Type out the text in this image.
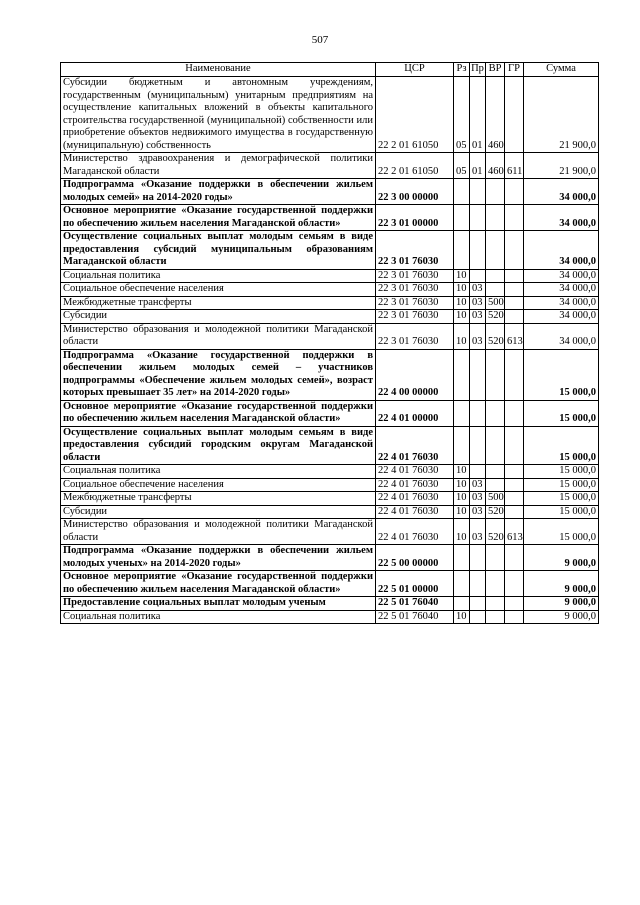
507
Наименование	ЦСР	Рз	Пр	ВР	ГР	Сумма
Субсидии бюджетным и автономным учреждениям, государственным (муниципальным) унитарным предприятиям на осуществление капитальных вложений в объекты капитального строительства государственной (муниципальной) собственности или приобретение объектов недвижимого имущества в государственную (муниципальную) собственность	22 2 01 61050	05	01	460		21 900,0
Министерство здравоохранения и демографической политики Магаданской области	22 2 01 61050	05	01	460	611	21 900,0
Подпрограмма «Оказание поддержки в обеспечении жильем молодых семей» на 2014-2020 годы»	22 3 00 00000					34 000,0
Основное мероприятие «Оказание государственной поддержки по обеспечению жильем населения Магаданской области»	22 3 01 00000					34 000,0
Осуществление социальных выплат молодым семьям в виде предоставления субсидий муниципальным образованиям Магаданской области	22 3 01 76030					34 000,0
Социальная политика	22 3 01 76030	10				34 000,0
Социальное обеспечение населения	22 3 01 76030	10	03			34 000,0
Межбюджетные трансферты	22 3 01 76030	10	03	500		34 000,0
Субсидии	22 3 01 76030	10	03	520		34 000,0
Министерство образования и молодежной политики Магаданской области	22 3 01 76030	10	03	520	613	34 000,0
Подпрограмма «Оказание государственной поддержки в обеспечении жильем молодых семей – участников подпрограммы «Обеспечение жильем молодых семей», возраст которых превышает 35 лет» на 2014-2020 годы»	22 4 00 00000					15 000,0
Основное мероприятие «Оказание государственной поддержки по обеспечению жильем населения Магаданской области»	22 4 01 00000					15 000,0
Осуществление социальных выплат молодым семьям в виде предоставления субсидий городским округам Магаданской области	22 4 01 76030					15 000,0
Социальная политика	22 4 01 76030	10				15 000,0
Социальное обеспечение населения	22 4 01 76030	10	03			15 000,0
Межбюджетные трансферты	22 4 01 76030	10	03	500		15 000,0
Субсидии	22 4 01 76030	10	03	520		15 000,0
Министерство образования и молодежной политики Магаданской области	22 4 01 76030	10	03	520	613	15 000,0
Подпрограмма «Оказание поддержки в обеспечении жильем молодых ученых» на 2014-2020 годы»	22 5 00 00000					9 000,0
Основное мероприятие «Оказание государственной поддержки по обеспечению жильем населения Магаданской области»	22 5 01 00000					9 000,0
Предоставление социальных выплат молодым ученым	22 5 01 76040					9 000,0
Социальная политика	22 5 01 76040	10				9 000,0
